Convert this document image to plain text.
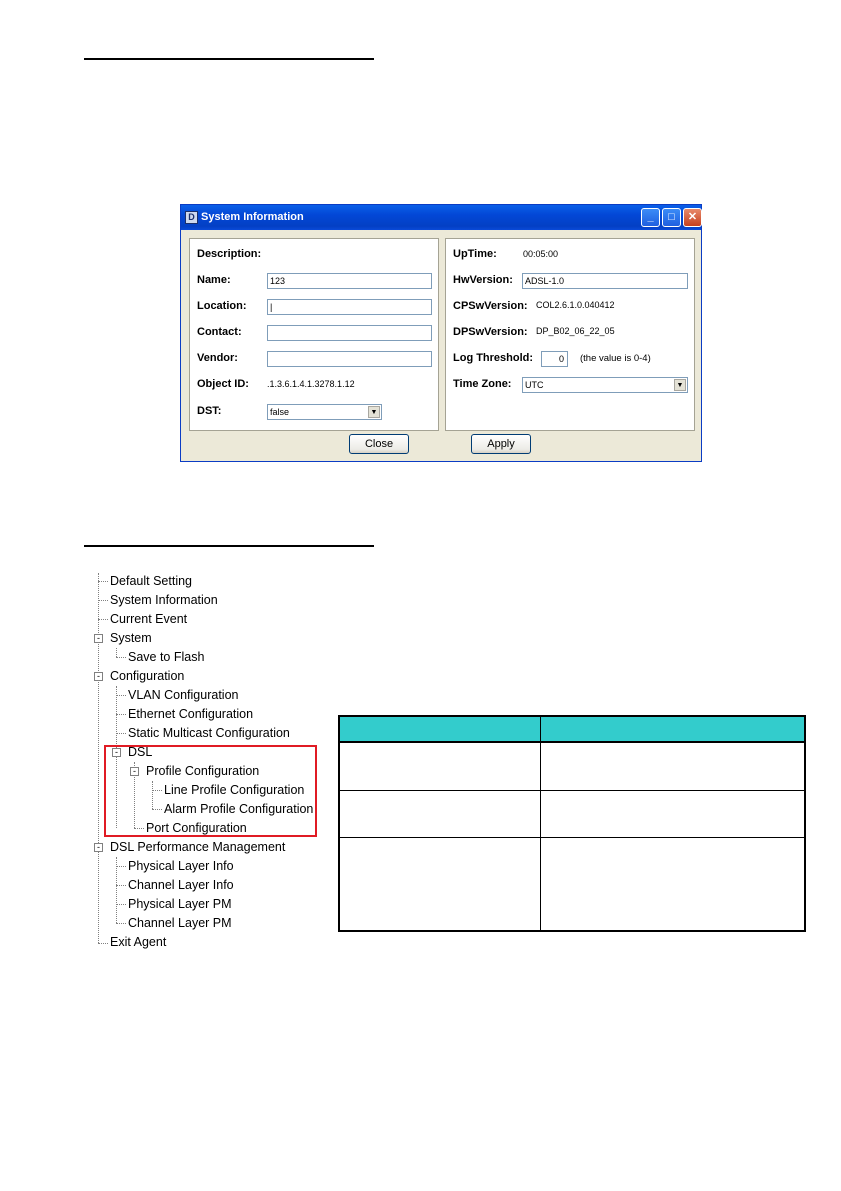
D System Information	_	□	✕
Description:
Name:	123
Location:	|
Contact:
Vendor:
Object ID: .1.3.6.1.4.1.3278.1.12
DST:	false	▼
UpTime:	00:05:00
HwVersion:	ADSL-1.0
CPSwVersion: COL2.6.1.0.040412
DPSwVersion: DP_B02_06_22_05
Log Threshold:	0	(the value is 0-4)
Time Zone:	UTC	▼
Close	Apply
-
-
-
-
-
Default Setting
System Information
Current Event
System
Save to Flash
Configuration
VLAN Configuration
Ethernet Configuration
Static Multicast Configuration
DSL
Profile Configuration
Line Profile Configuration
Alarm Profile Configuration
Port Configuration
DSL Performance Management
Physical Layer Info
Channel Layer Info
Physical Layer PM
Channel Layer PM
Exit Agent
